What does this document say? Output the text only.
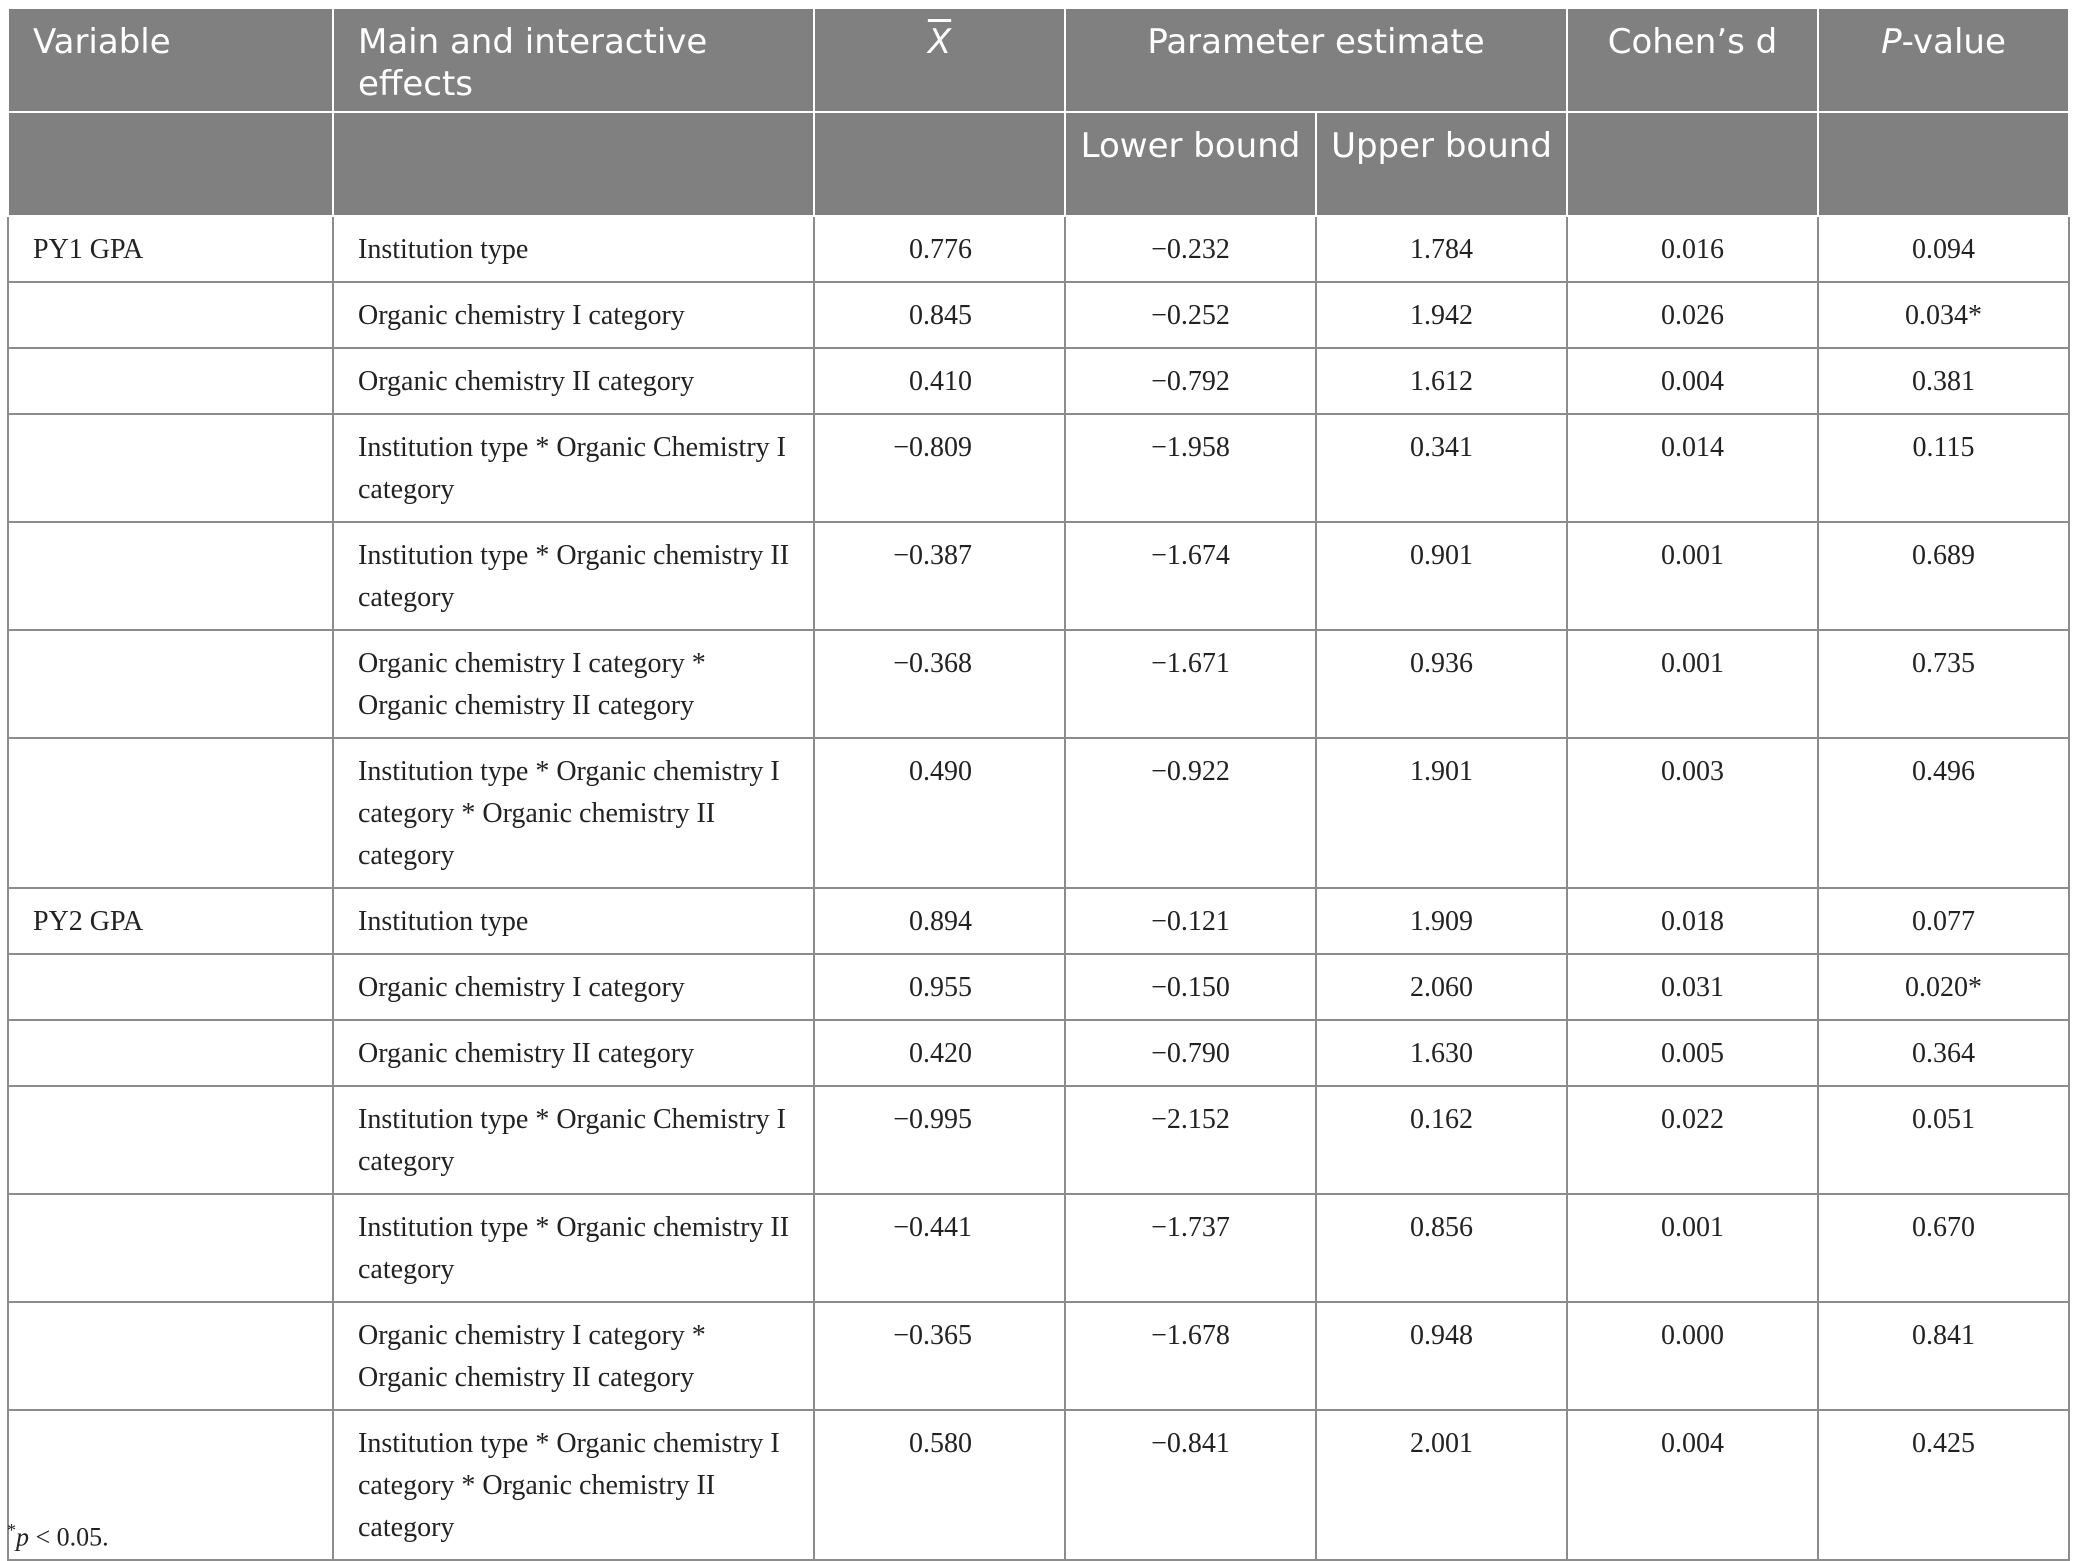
Variable	Main and interactive effects	$\overline{X}$	Parameter estimate		Cohen’s d	P-value
			Lower bound	Upper bound		
PY1 GPA	Institution type	0.776	−0.232	1.784	0.016	0.094
	Organic chemistry I category	0.845	−0.252	1.942	0.026	0.034*
	Organic chemistry II category	0.410	−0.792	1.612	0.004	0.381
	Institution type * Organic Chemistry I category	−0.809	−1.958	0.341	0.014	0.115
	Institution type * Organic chemistry II category	−0.387	−1.674	0.901	0.001	0.689
	Organic chemistry I category * Organic chemistry II category	−0.368	−1.671	0.936	0.001	0.735
	Institution type * Organic chemistry I category * Organic chemistry II category	0.490	−0.922	1.901	0.003	0.496
PY2 GPA	Institution type	0.894	−0.121	1.909	0.018	0.077
	Organic chemistry I category	0.955	−0.150	2.060	0.031	0.020*
	Organic chemistry II category	0.420	−0.790	1.630	0.005	0.364
	Institution type * Organic Chemistry I category	−0.995	−2.152	0.162	0.022	0.051
	Institution type * Organic chemistry II category	−0.441	−1.737	0.856	0.001	0.670
	Organic chemistry I category * Organic chemistry II category	−0.365	−1.678	0.948	0.000	0.841
	Institution type * Organic chemistry I category * Organic chemistry II category	0.580	−0.841	2.001	0.004	0.425
*p < 0.05.
